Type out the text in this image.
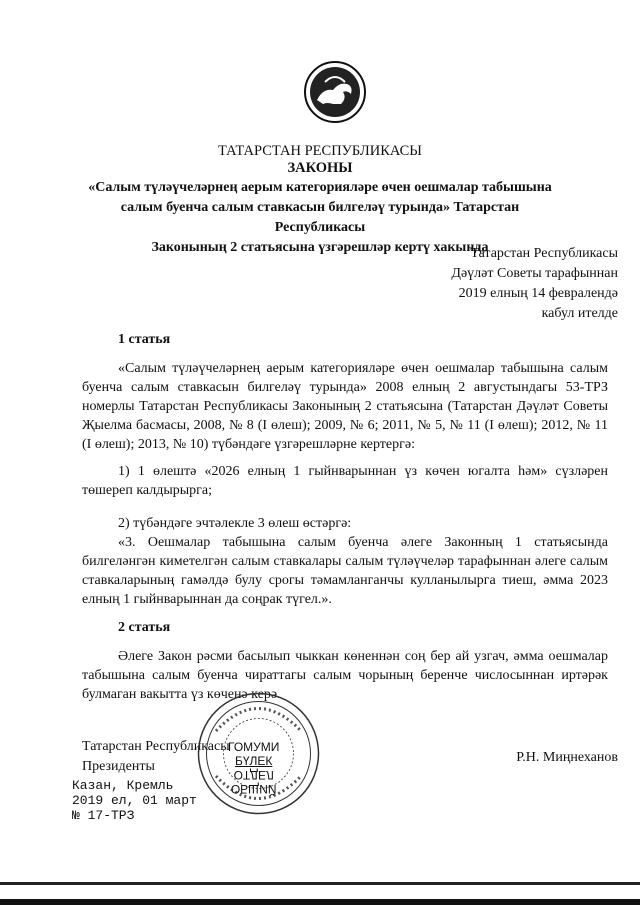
ТАТАРСТАН РЕСПУБЛИКАСЫ
ЗАКОНЫ
«Салым түләүчеләрнең аерым категорияләре өчен оешмалар табышына
салым буенча салым ставкасын билгеләү турында» Татарстан Республикасы
Законының 2 статьясына үзгәрешләр кертү хакында
Татарстан Республикасы
Дәүләт Советы тарафыннан
2019 елның 14 февралендә
кабул ителде
1 статья
«Салым түләүчеләрнең аерым категорияләре өчен оешмалар табышына салым буенча салым ставкасын билгеләү турында» 2008 елның 2 августындагы 53-ТРЗ номерлы Татарстан Республикасы Законының 2 статьясына (Татарстан Дәүләт Советы Җыелма басмасы, 2008, № 8 (I өлеш); 2009, № 6; 2011, № 5, № 11 (I өлеш); 2012, № 11 (I өлеш); 2013, № 10) түбәндәге үзгәрешләрне кертергә:
1) 1 өлештә «2026 елның 1 гыйнварыннан үз көчен югалта һәм» сүзләрен төшереп калдырырга;
2) түбәндәге эчтәлекле 3 өлеш өстәргә:
«3. Оешмалар табышына салым буенча әлеге Законның 1 статьясында билгеләнгән киметелгән салым ставкалары салым түләүчеләр тарафыннан әлеге салым ставкаларының гамәлдә булу срогы тәмамланганчы кулланылырга тиеш, әмма 2023 елның 1 гыйнварыннан да соңрак түгел.».
2 статья
Әлеге Закон рәсми басылып чыккан көненнән соң бер ай узгач, әмма оешмалар табышына салым буенча чираттагы салым чорының беренче числосыннан иртәрәк булмаган вакытта үз көченә керә.
Татарстан Республикасы
Президенты
Р.Н. Миңнеханов
Казан, Кремль
2019 ел, 01 март
№ 17-ТРЗ
ГОМУМИ
БҮЛЕК
ОТДЕЛ
ОБЩИЙ
